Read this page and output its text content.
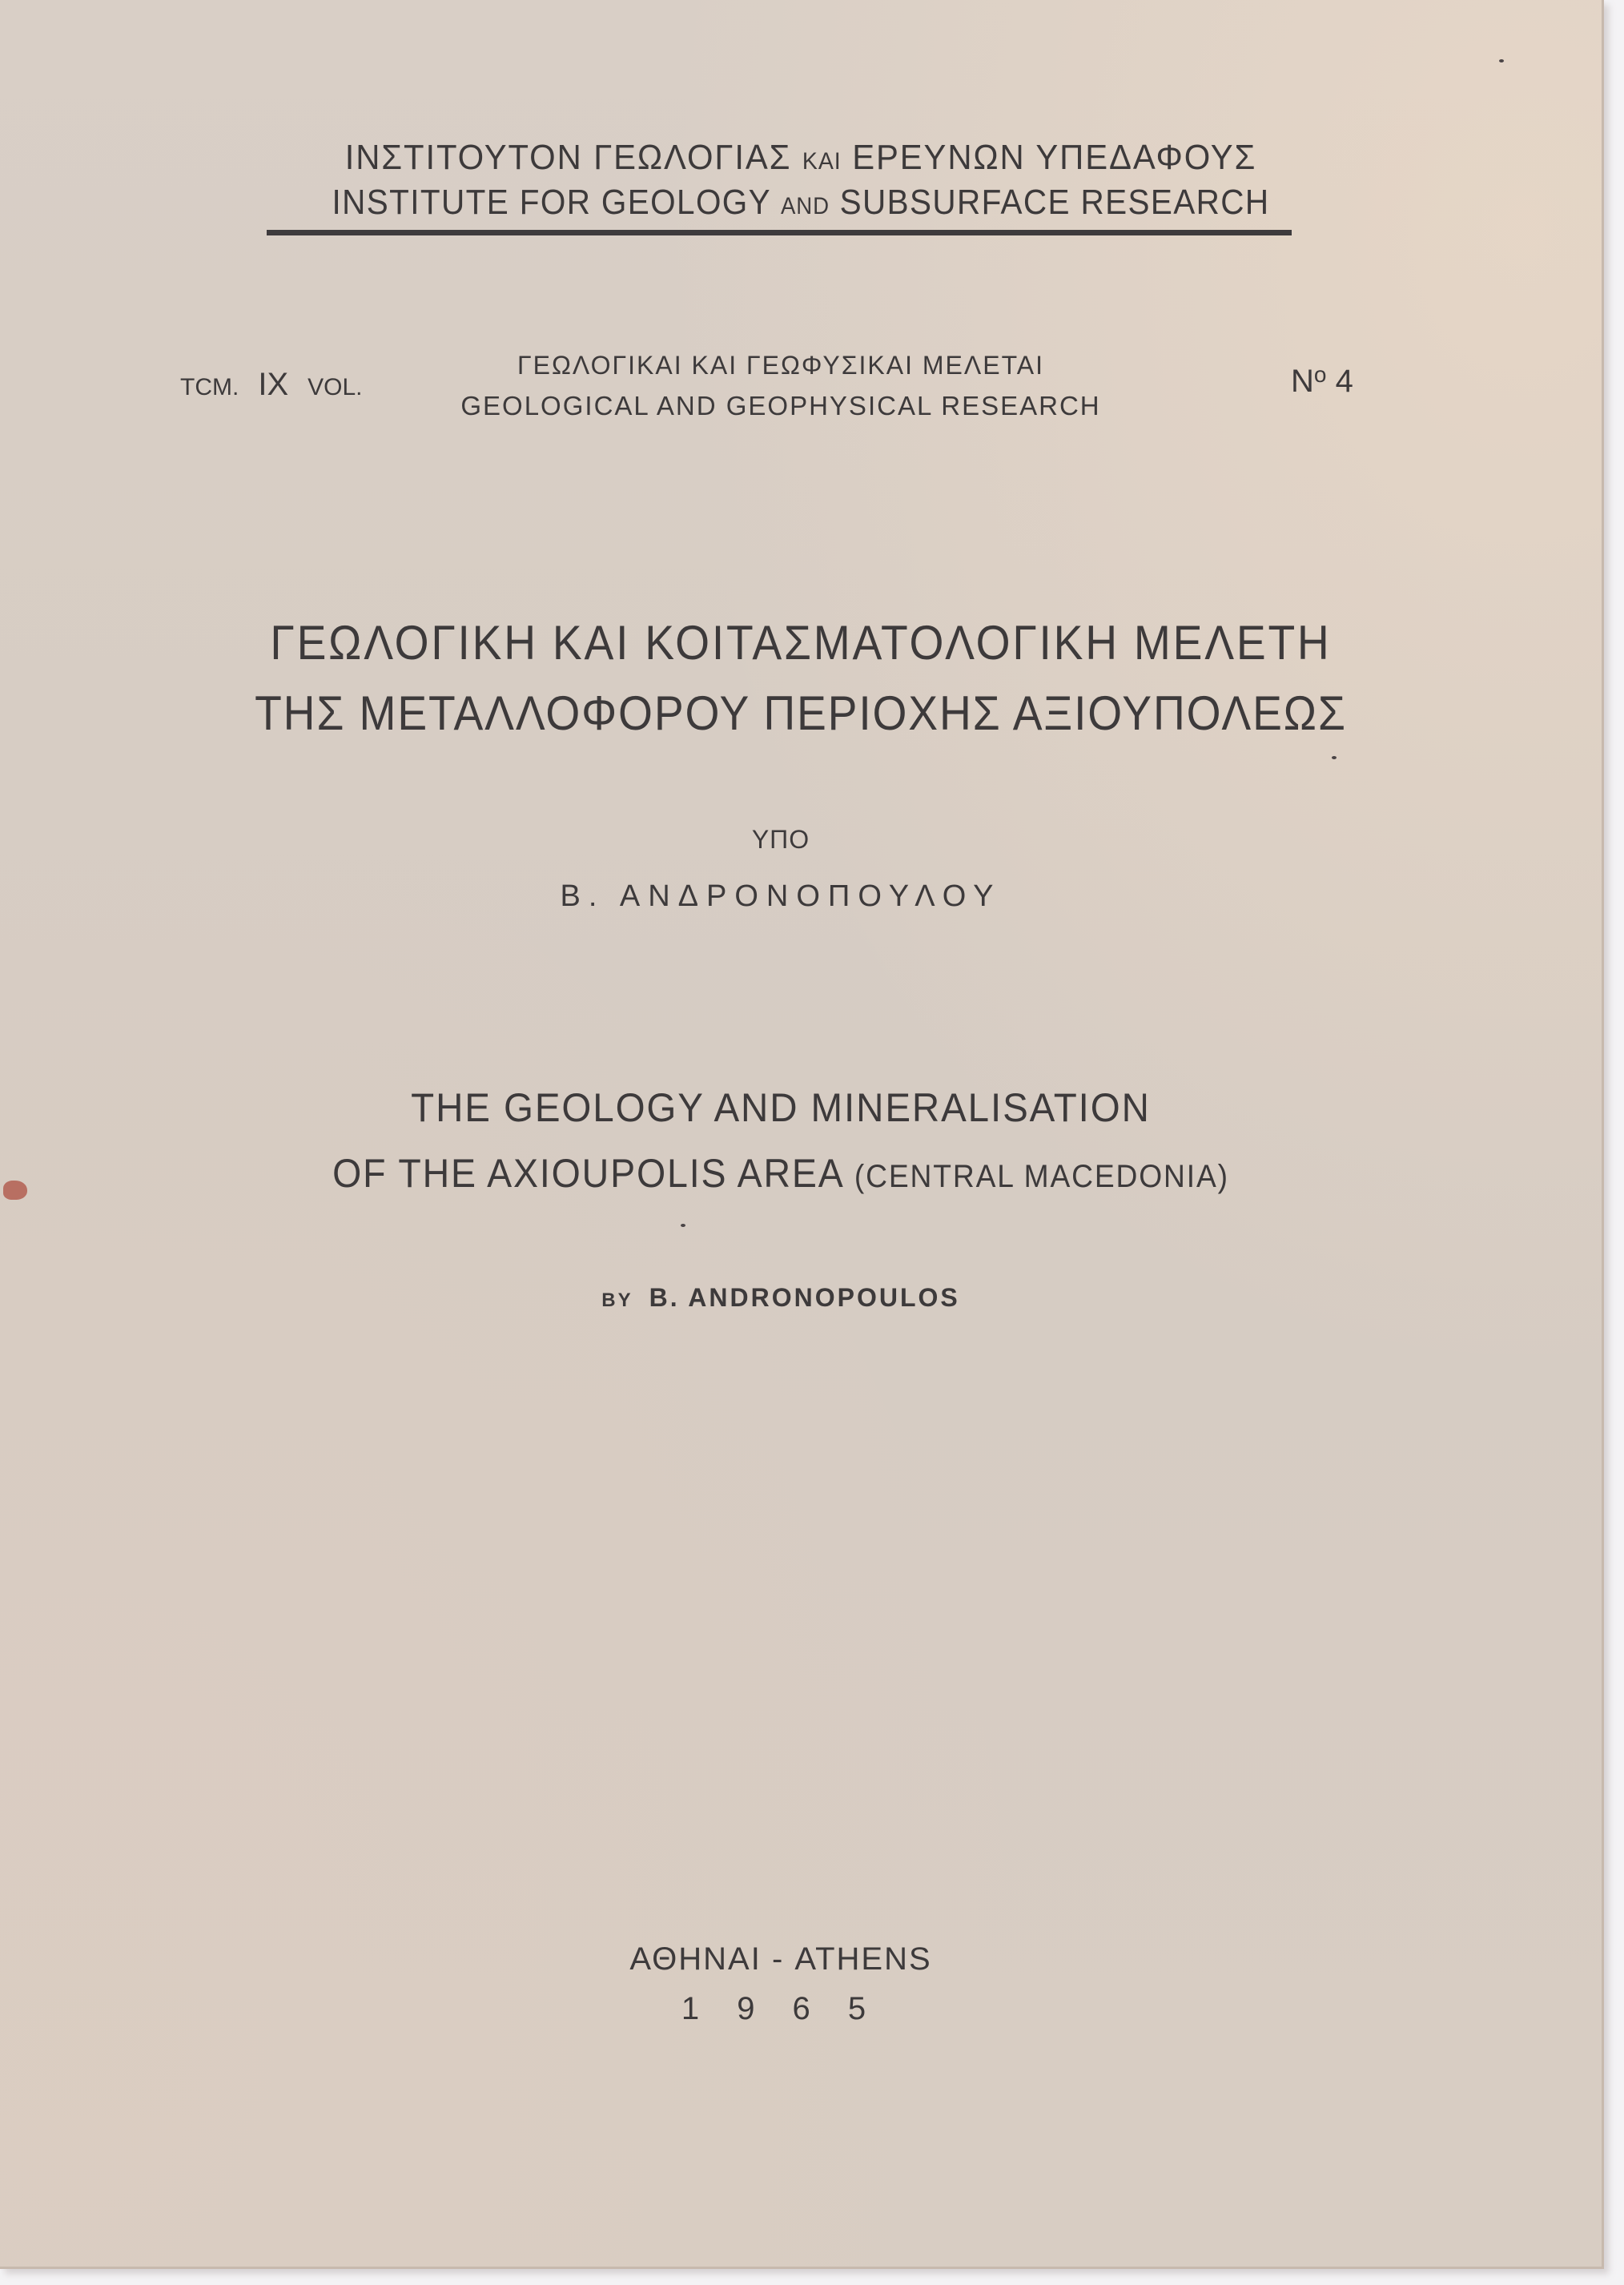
ΙΝΣΤΙΤΟΥΤΟΝ ΓΕΩΛΟΓΙΑΣ ΚΑΙ ΕΡΕΥΝΩΝ ΥΠΕΔΑΦΟΥΣ
INSTITUTE FOR GEOLOGY AND SUBSURFACE RESEARCH
TCM. IX VOL.
ΓΕΩΛΟΓΙΚΑΙ ΚΑΙ ΓΕΩΦΥΣΙΚΑΙ ΜΕΛΕΤΑΙ
GEOLOGICAL AND GEOPHYSICAL RESEARCH
$N^o$ 4
ΓΕΩΛΟΓΙΚΗ ΚΑΙ ΚΟΙΤΑΣΜΑΤΟΛΟΓΙΚΗ ΜΕΛΕΤΗ
ΤΗΣ ΜΕΤΑΛΛΟΦΟΡΟΥ ΠΕΡΙΟΧΗΣ ΑΞΙΟΥΠΟΛΕΩΣ
ΥΠΟ
Β. ΑΝΔΡΟΝΟΠΟΥΛΟΥ
THE GEOLOGY AND MINERALISATION
OF THE AXIOUPOLIS AREA (CENTRAL MACEDONIA)
BY B. ANDRONOPOULOS
ΑΘΗΝΑΙ - ATHENS
1 9 6 5
